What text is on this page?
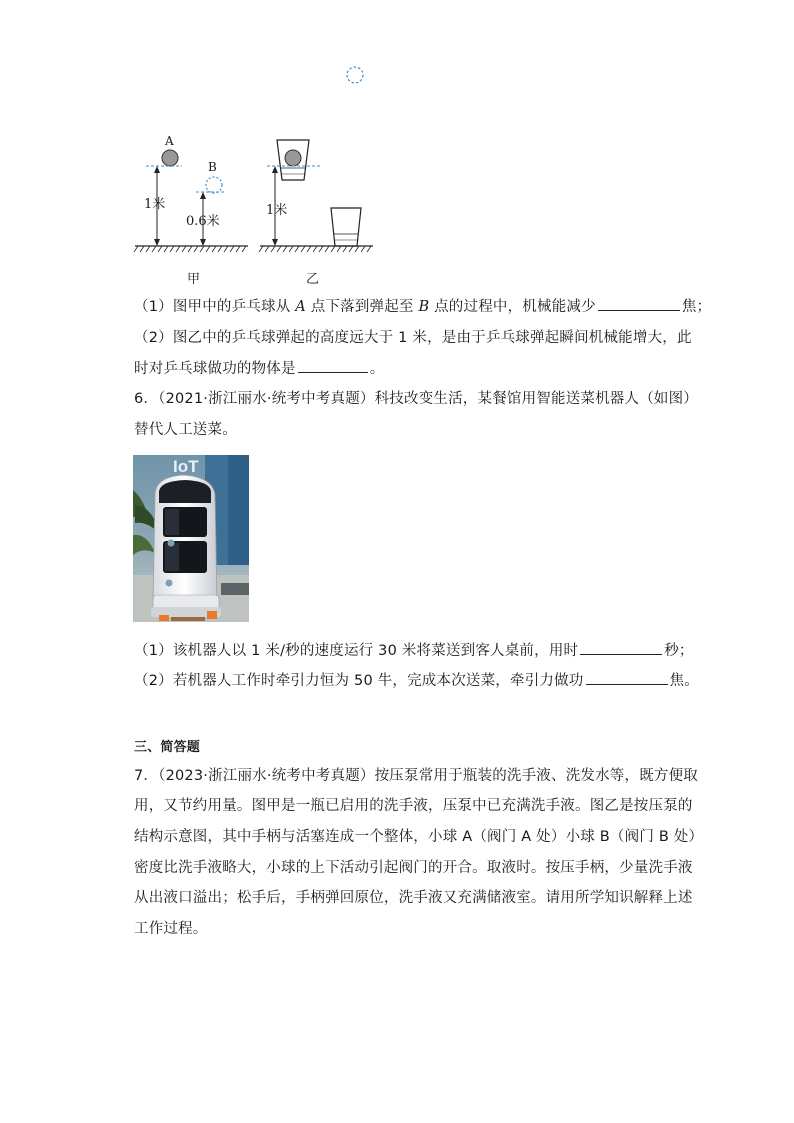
A
B
1米
0.6米
甲
1米
乙
（1）图甲中的乒乓球从 A 点下落到弹起至 B 点的过程中，机械能减少	焦；
（2）图乙中的乒乓球弹起的高度远大于 1 米，是由于乒乓球弹起瞬间机械能增大，此
时对乒乓球做功的物体是	。
6．（2021·浙江丽水·统考中考真题）科技改变生活，某餐馆用智能送菜机器人（如图）
替代人工送菜。
IoT
（1）该机器人以 1 米/秒的速度运行 30 米将菜送到客人桌前，用时	秒；
（2）若机器人工作时牵引力恒为 50 牛，完成本次送菜，牵引力做功	焦。
三、简答题
7．（2023·浙江丽水·统考中考真题）按压泵常用于瓶装的洗手液、洗发水等，既方便取
用，又节约用量。图甲是一瓶已启用的洗手液，压泵中已充满洗手液。图乙是按压泵的
结构示意图，其中手柄与活塞连成一个整体，小球 A（阀门 A 处）小球 B（阀门 B 处）
密度比洗手液略大，小球的上下活动引起阀门的开合。取液时。按压手柄，少量洗手液
从出液口溢出；松手后，手柄弹回原位，洗手液又充满储液室。请用所学知识解释上述
工作过程。
